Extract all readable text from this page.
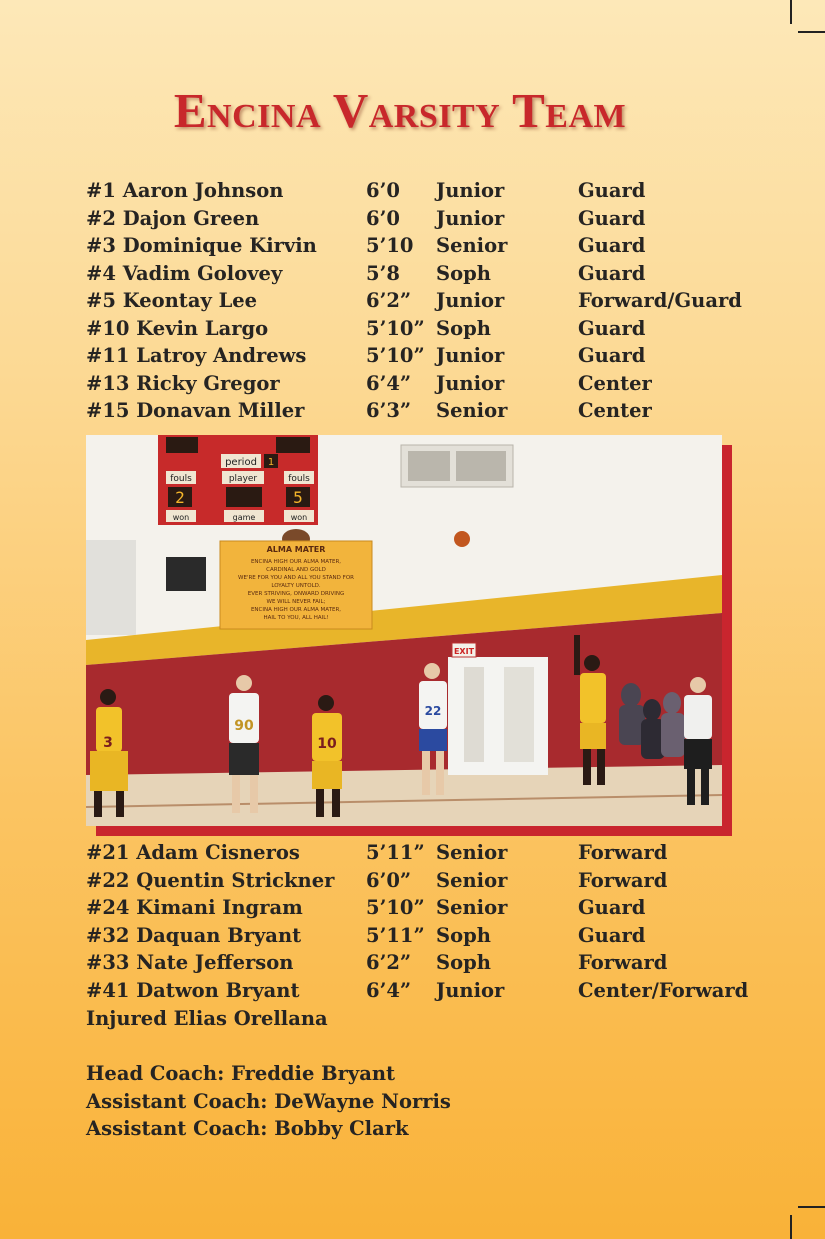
Encina Varsity Team
#1 Aaron Johnson	6’0 Junior	Guard
#2 Dajon Green	6’0 Junior	Guard
#3 Dominique Kirvin	5’10 Senior	Guard
#4 Vadim Golovey	5’8 Soph	Guard
#5 Keontay Lee	6’2” Junior	Forward/Guard
#10 Kevin Largo	5’10” Soph	Guard
#11 Latroy Andrews	5’10” Junior	Guard
#13 Ricky Gregor	6’4” Junior	Center
#15 Donavan Miller	6’3” Senior	Center
period 1
fouls	player	fouls
2	5
won	game	won
ALMA MATER
ENCINA HIGH OUR ALMA MATER,
CARDINAL AND GOLD
WE'RE FOR YOU AND ALL YOU STAND FOR
LOYALTY UNTOLD.
EVER STRIVING, ONWARD DRIVING
WE WILL NEVER FAIL;
ENCINA HIGH OUR ALMA MATER,
HAIL TO YOU, ALL HAIL!
EXIT
3
90
10
22
#21 Adam Cisneros	5’11” Senior	Forward
#22 Quentin Strickner 6’0” Senior	Forward
#24 Kimani Ingram	5’10” Senior	Guard
#32 Daquan Bryant	5’11” Soph	Guard
#33 Nate Jefferson	6’2” Soph	Forward
#41 Datwon Bryant	6’4” Junior	Center/Forward
Injured Elias Orellana
Head Coach: Freddie Bryant
Assistant Coach: DeWayne Norris
Assistant Coach: Bobby Clark
